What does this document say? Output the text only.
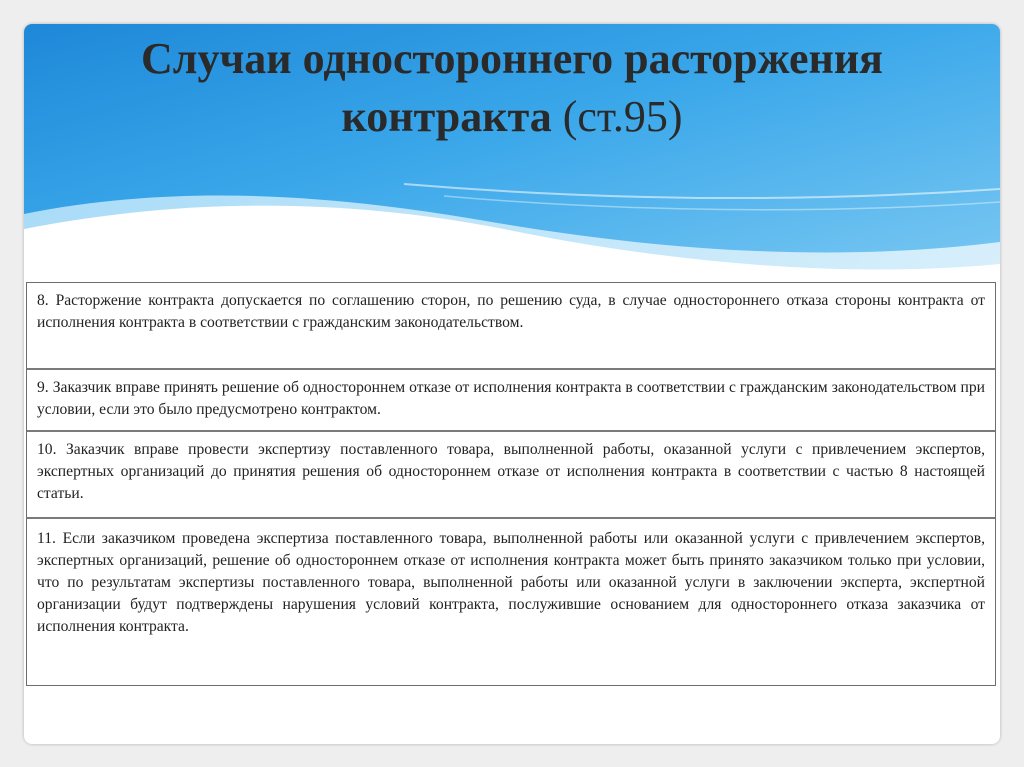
Случаи одностороннего расторжения
контракта (ст.95)
8. Расторжение контракта допускается по соглашению сторон, по решению суда, в случае одностороннего отказа стороны контракта от исполнения контракта в соответствии с гражданским законодательством.
9. Заказчик вправе принять решение об одностороннем отказе от исполнения контракта в соответствии с гражданским законодательством при условии, если это было предусмотрено контрактом.
10. Заказчик вправе провести экспертизу поставленного товара, выполненной работы, оказанной услуги с привлечением экспертов, экспертных организаций до принятия решения об одностороннем отказе от исполнения контракта в соответствии с частью 8 настоящей статьи.
11. Если заказчиком проведена экспертиза поставленного товара, выполненной работы или оказанной услуги с привлечением экспертов, экспертных организаций, решение об одностороннем отказе от исполнения контракта может быть принято заказчиком только при условии, что по результатам экспертизы поставленного товара, выполненной работы или оказанной услуги в заключении эксперта, экспертной организации будут подтверждены нарушения условий контракта, послужившие основанием для одностороннего отказа заказчика от исполнения контракта.
